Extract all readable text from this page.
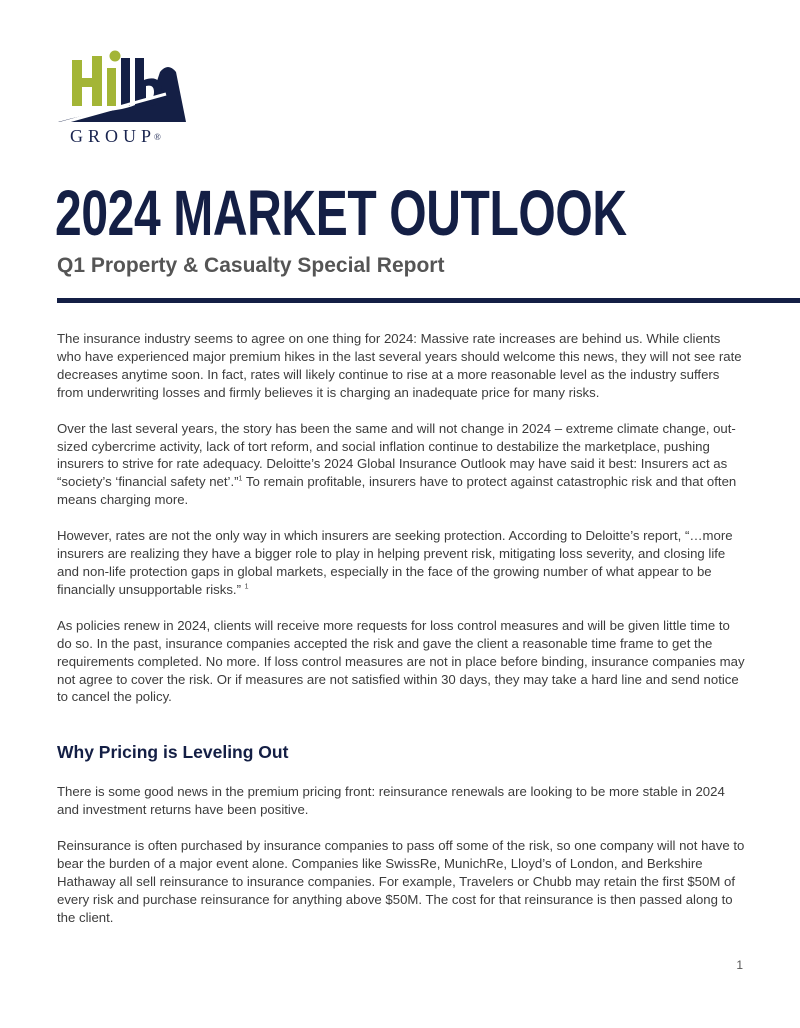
GROUP®
2024 MARKET OUTLOOK
Q1 Property & Casualty Special Report

The insurance industry seems to agree on one thing for 2024: Massive rate increases are behind us. While clients who have experienced major premium hikes in the last several years should welcome this news, they will not see rate decreases anytime soon. In fact, rates will likely continue to rise at a more reasonable level as the industry suffers from underwriting losses and firmly believes it is charging an inadequate price for many risks.

Over the last several years, the story has been the same and will not change in 2024 – extreme climate change, out-sized cybercrime activity, lack of tort reform, and social inflation continue to destabilize the marketplace, pushing insurers to strive for rate adequacy. Deloitte’s 2024 Global Insurance Outlook may have said it best: Insurers act as “society’s ‘financial safety net’.”$^1$ To remain profitable, insurers have to protect against catastrophic risk and that often means charging more.

However, rates are not the only way in which insurers are seeking protection. According to Deloitte’s report, “…more insurers are realizing they have a bigger role to play in helping prevent risk, mitigating loss severity, and closing life and non-life protection gaps in global markets, especially in the face of the growing number of what appear to be financially unsupportable risks.” $^1$

As policies renew in 2024, clients will receive more requests for loss control measures and will be given little time to do so. In the past, insurance companies accepted the risk and gave the client a reasonable time frame to get the requirements completed. No more. If loss control measures are not in place before binding, insurance companies may not agree to cover the risk. Or if measures are not satisfied within 30 days, they may take a hard line and send notice to cancel the policy.

Why Pricing is Leveling Out

There is some good news in the premium pricing front: reinsurance renewals are looking to be more stable in 2024 and investment returns have been positive.

Reinsurance is often purchased by insurance companies to pass off some of the risk, so one company will not have to bear the burden of a major event alone. Companies like SwissRe, MunichRe, Lloyd’s of London, and Berkshire Hathaway all sell reinsurance to insurance companies. For example, Travelers or Chubb may retain the first $50M of every risk and purchase reinsurance for anything above $50M. The cost for that reinsurance is then passed along to the client.

1
